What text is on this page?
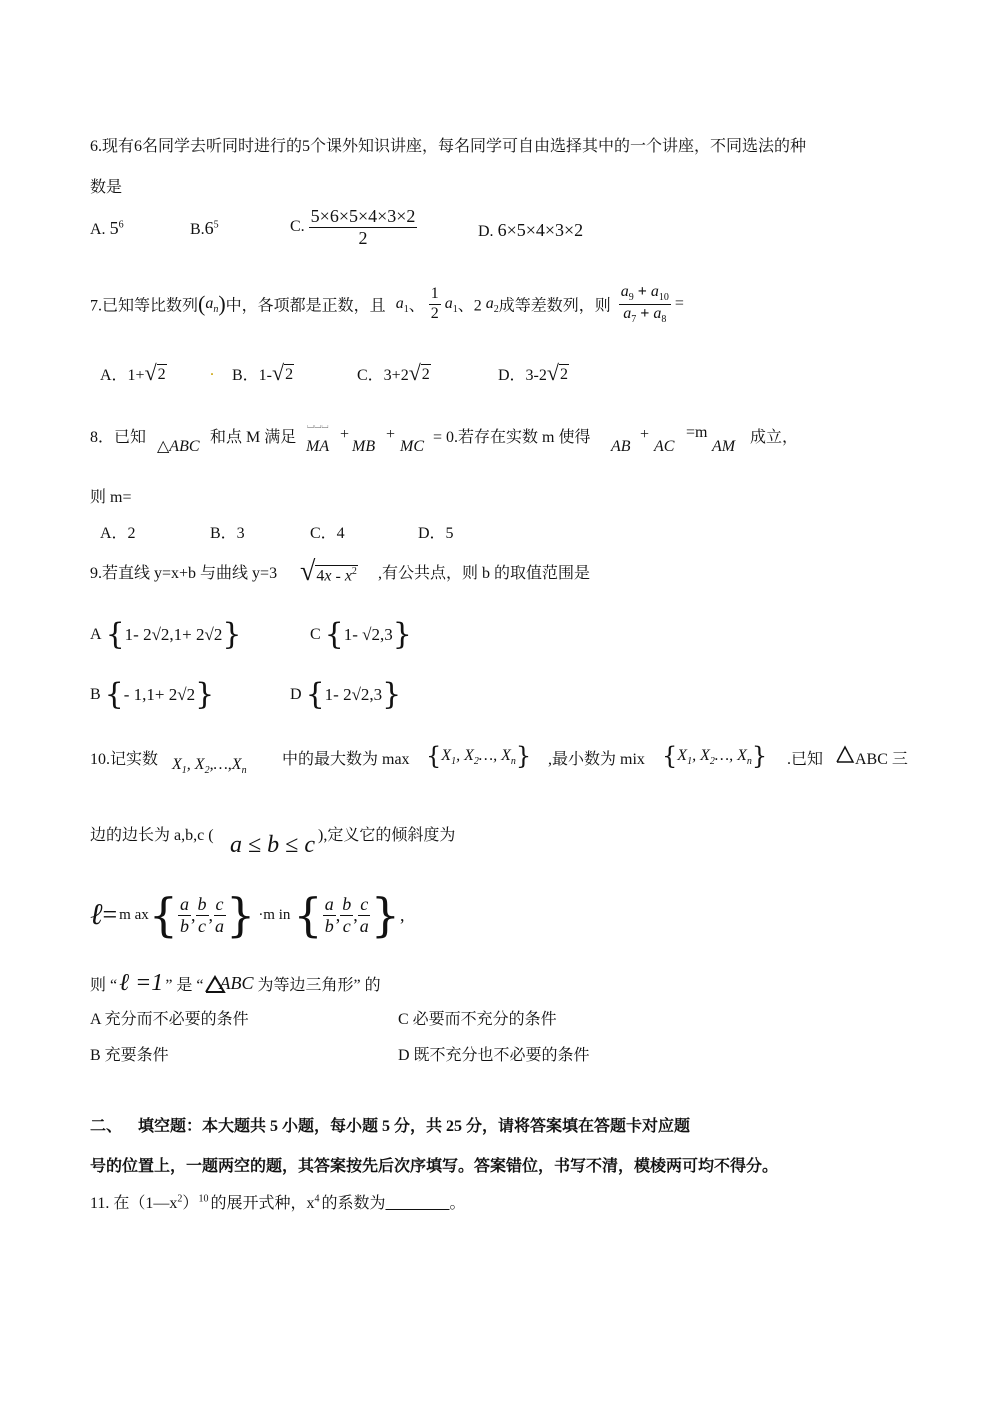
6.现有6名同学去听同时进行的5个课外知识讲座，每名同学可自由选择其中的一个讲座，不同选法的种
数是
A. $5^6$	$B.6^5$	C. $\frac{5\times 6\times 5\times 4\times 3\times 2}{2}$	D. 6×5×4×3×2
7.已知等比数列$(a_n)$中，各项都是正数，且 $a_1$、 $\frac{1}{2} a_1$、2 $a_2$成等差数列，则 $\frac{a_9 + a_{10}}{a_7 + a_8}$ =
A．1+ √ 2	. B．1- √ 2	C．3+2 √ 2	D．3-2 √ 2
8．已知
△ABC
和点 M 满足
⌴⌴⌴
MA
+
MB
+
MC
= 0.若存在实数 m 使得
AB
+
AC
=m
AM
成立，
则 m=
A．2	B．3	C．4	D．5
9.若直线 y=x+b 与曲线 y=3 √ $4x - x^2$ ,有公共点，则 b 的取值范围是
A { 1- 2√2,1+ 2√2 }	C { 1- √2,3 }
B { - 1,1+ 2√2 }	D { 1- 2√2,3 }
10.记实数 $X_1$, $X_2,\dots,X_n$
中的最大数为 $\max \{X_1$, $X_2\dots$, $X_n$} ,最小数为 mix {$X_1$, $X_2\dots$, $X_n$} .已知 ABC 三
边的边长为 a,b,c ( a ≤ b ≤ c ),定义它的倾斜度为
ℓ = m ax { $\frac{a}{b}$ , $\frac{b}{c}$ , $\frac{c}{a}$ } ·m in { $\frac{a}{b}$ , $\frac{b}{c}$ , $\frac{c}{a}$ } ,
则 “ ℓ =1 ” 是 “ ABC 为等边三角形” 的
A 充分而不必要的条件	C 必要而不充分的条件
B 充要条件	D 既不充分也不必要的条件
二、 填空题：本大题共 5 小题，每小题 5 分，共 25 分，请将答案填在答题卡对应题
号的位置上，一题两空的题，其答案按先后次序填写。答案错位，书写不清，模棱两可均不得分。
11. 在$(1—x^2)^{10}$ 的展开式种，$x^4$ 的系数为	。
